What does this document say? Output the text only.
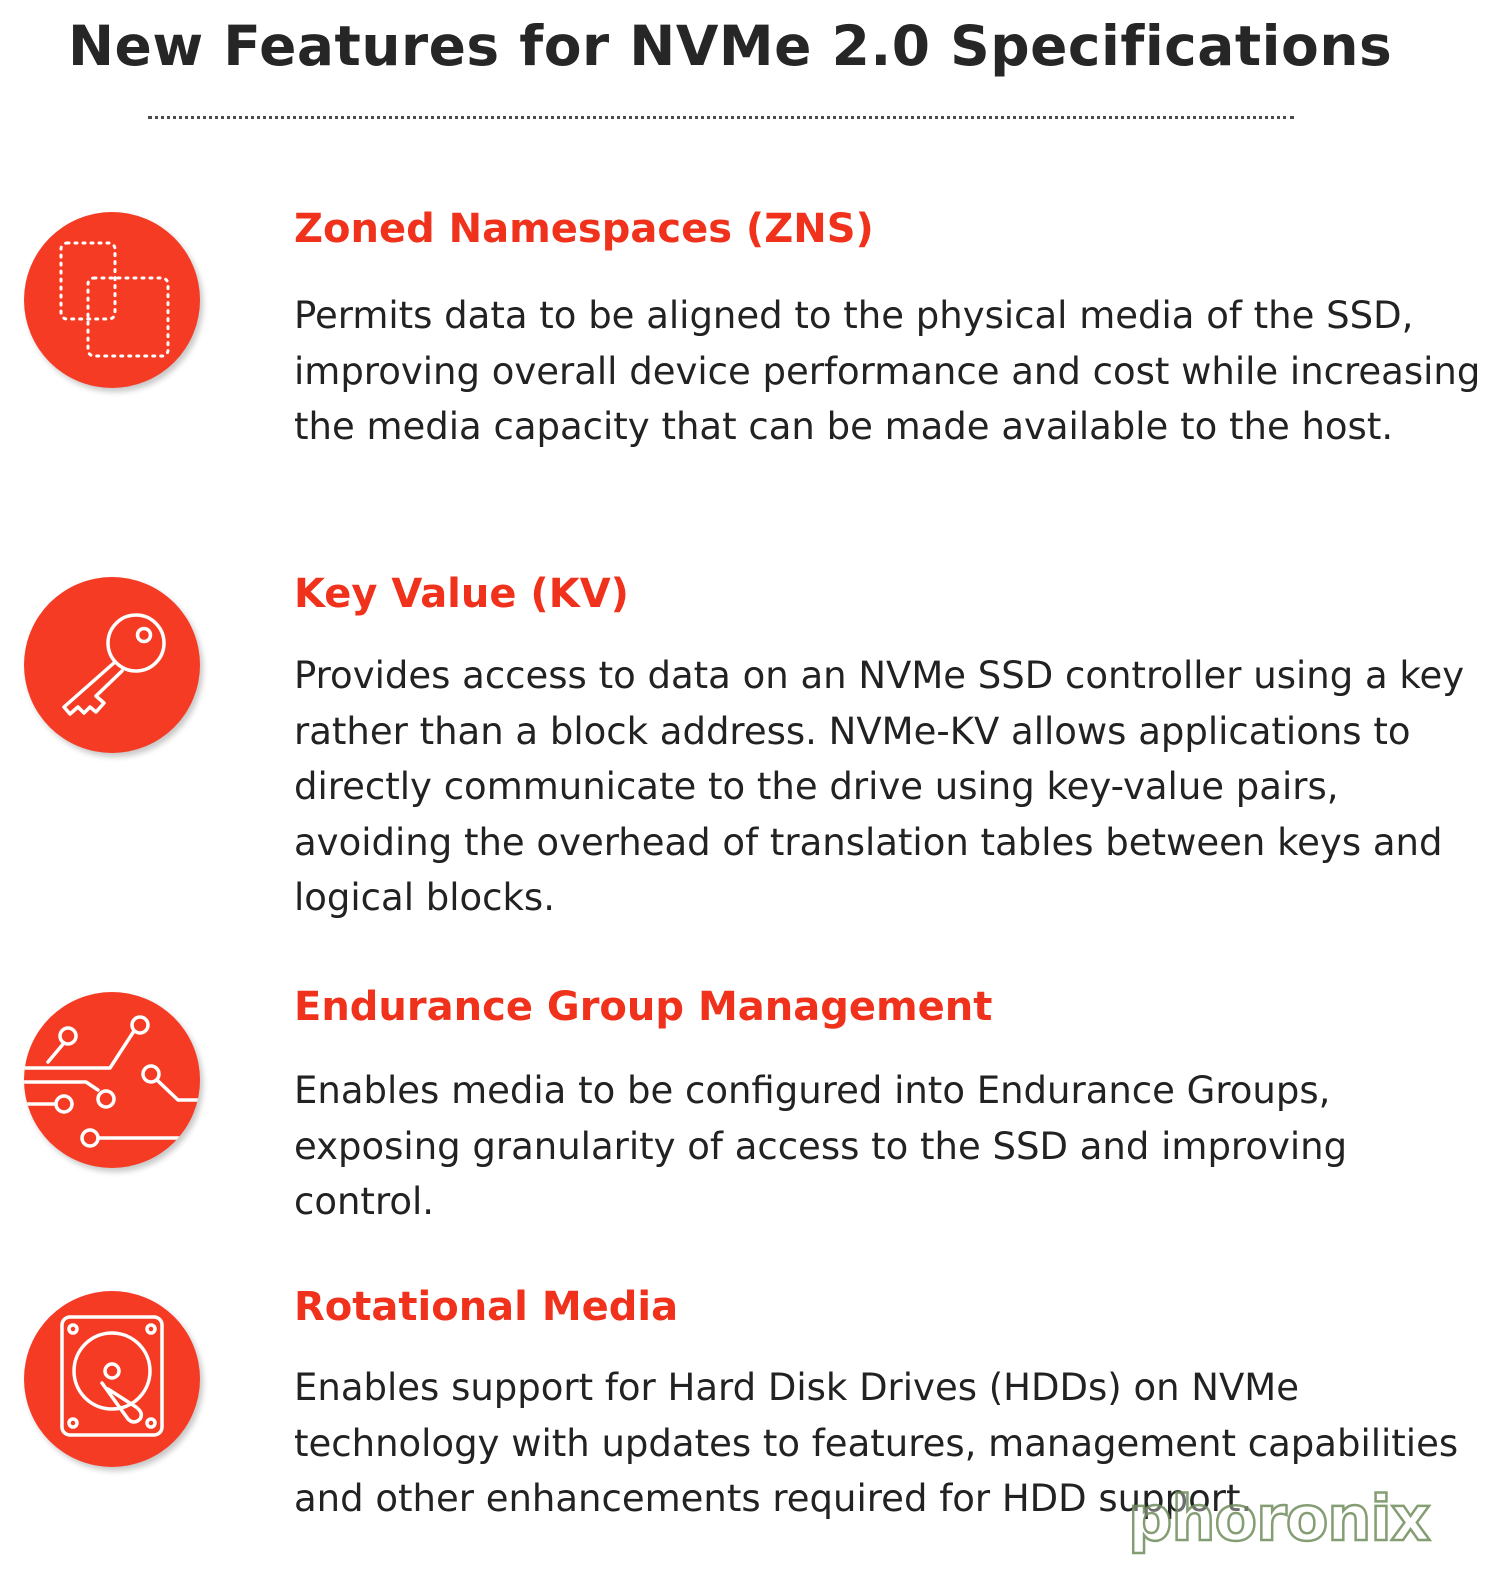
New Features for NVMe 2.0 Specifications
Zoned Namespaces (ZNS)

Permits data to be aligned to the physical media of the SSD, improving overall device performance and cost while increasing the media capacity that can be made available to the host.

Key Value (KV)

Provides access to data on an NVMe SSD controller using a key rather than a block address. NVMe-KV allows applications to directly communicate to the drive using key-value pairs, avoiding the overhead of translation tables between keys and logical blocks.

Endurance Group Management

Enables media to be configured into Endurance Groups, exposing granularity of access to the SSD and improving control.

Rotational Media

Enables support for Hard Disk Drives (HDDs) on NVMe technology with updates to features, management capabilities and other enhancements required for HDD support.

phoronix
